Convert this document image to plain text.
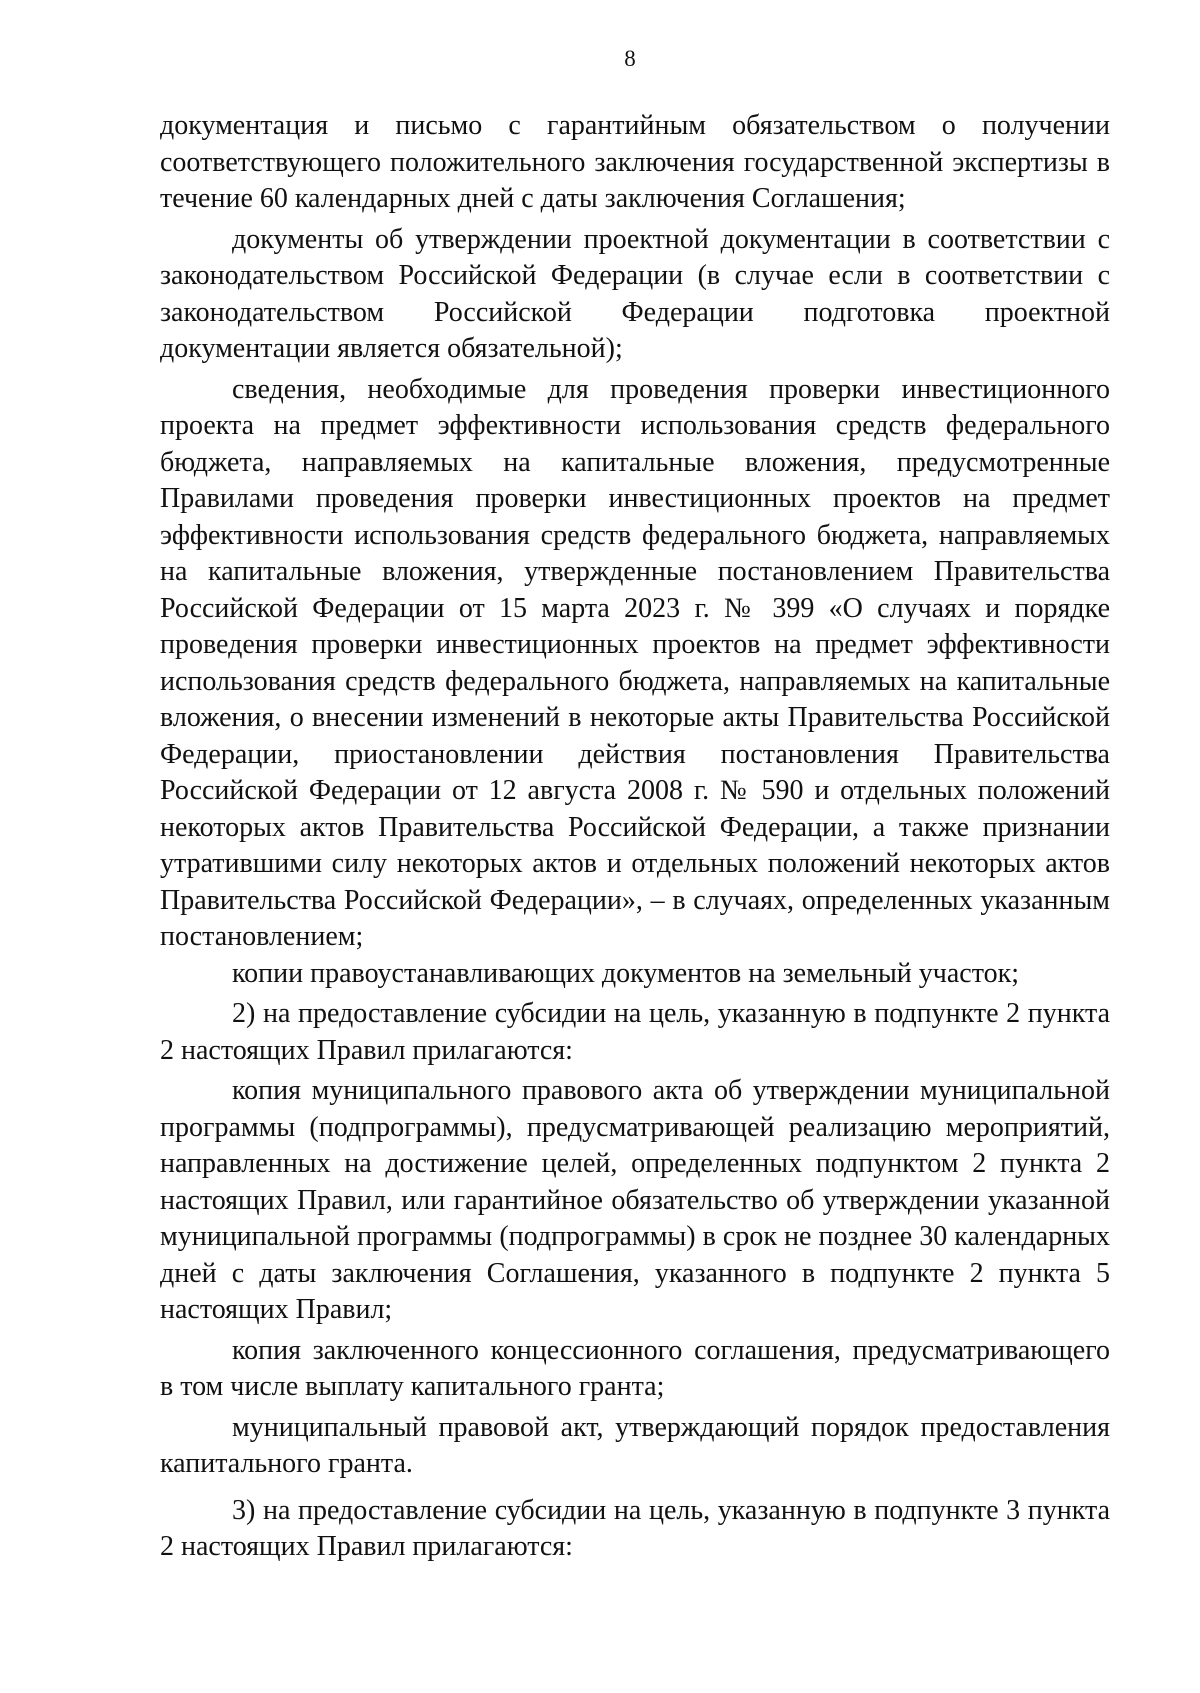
8

документация и письмо с гарантийным обязательством о получении соответствующего положительного заключения государственной экспертизы в течение 60 календарных дней с даты заключения Соглашения;

документы об утверждении проектной документации в соответствии с законодательством Российской Федерации (в случае если в соответствии с законодательством Российской Федерации подготовка проектной документации является обязательной);

сведения, необходимые для проведения проверки инвестиционного проекта на предмет эффективности использования средств федерального бюджета, направляемых на капитальные вложения, предусмотренные Правилами проведения проверки инвестиционных проектов на предмет эффективности использования средств федерального бюджета, направляемых на капитальные вложения, утвержденные постановлением Правительства Российской Федерации от 15 марта 2023 г. № 399 «О случаях и порядке проведения проверки инвестиционных проектов на предмет эффективности использования средств федерального бюджета, направляемых на капитальные вложения, о внесении изменений в некоторые акты Правительства Российской Федерации, приостановлении действия постановления Правительства Российской Федерации от 12 августа 2008 г. № 590 и отдельных положений некоторых актов Правительства Российской Федерации, а также признании утратившими силу некоторых актов и отдельных положений некоторых актов Правительства Российской Федерации», – в случаях, определенных указанным постановлением;

копии правоустанавливающих документов на земельный участок;

2) на предоставление субсидии на цель, указанную в подпункте 2 пункта 2 настоящих Правил прилагаются:

копия муниципального правового акта об утверждении муниципальной программы (подпрограммы), предусматривающей реализацию мероприятий, направленных на достижение целей, определенных подпунктом 2 пункта 2 настоящих Правил, или гарантийное обязательство об утверждении указанной муниципальной программы (подпрограммы) в срок не позднее 30 календарных дней с даты заключения Соглашения, указанного в подпункте 2 пункта 5 настоящих Правил;

копия заключенного концессионного соглашения, предусматривающего в том числе выплату капитального гранта;

муниципальный правовой акт, утверждающий порядок предоставления капитального гранта.

3) на предоставление субсидии на цель, указанную в подпункте 3 пункта 2 настоящих Правил прилагаются:
